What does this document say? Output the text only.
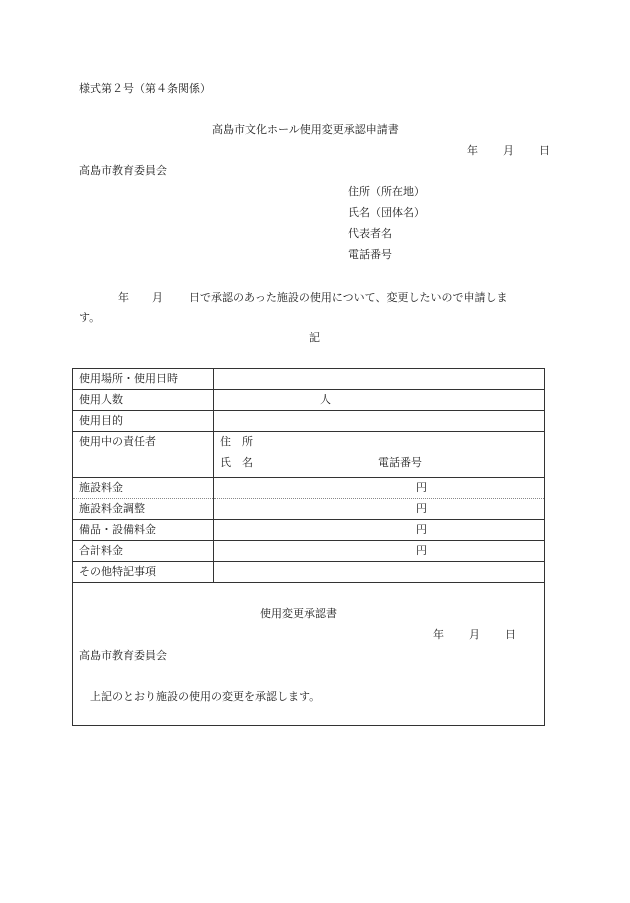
様式第２号（第４条関係）
高島市文化ホール使用変更承認申請書
年 月 日
高島市教育委員会
住所（所在地）
氏名（団体名）
代表者名
電話番号
年 月 日で承認のあった施設の使用について、変更したいので申請しま
す。
記
使用場所・使用日時	
使用人数	人

使用目的	
使用中の責任者	住　所
氏　名 電話番号

施設料金	円

施設料金調整	円

備品・設備料金	円

合計料金	円

その他特記事項	
使用変更承認書
年 月 日
高島市教育委員会
上記のとおり施設の使用の変更を承認します。
